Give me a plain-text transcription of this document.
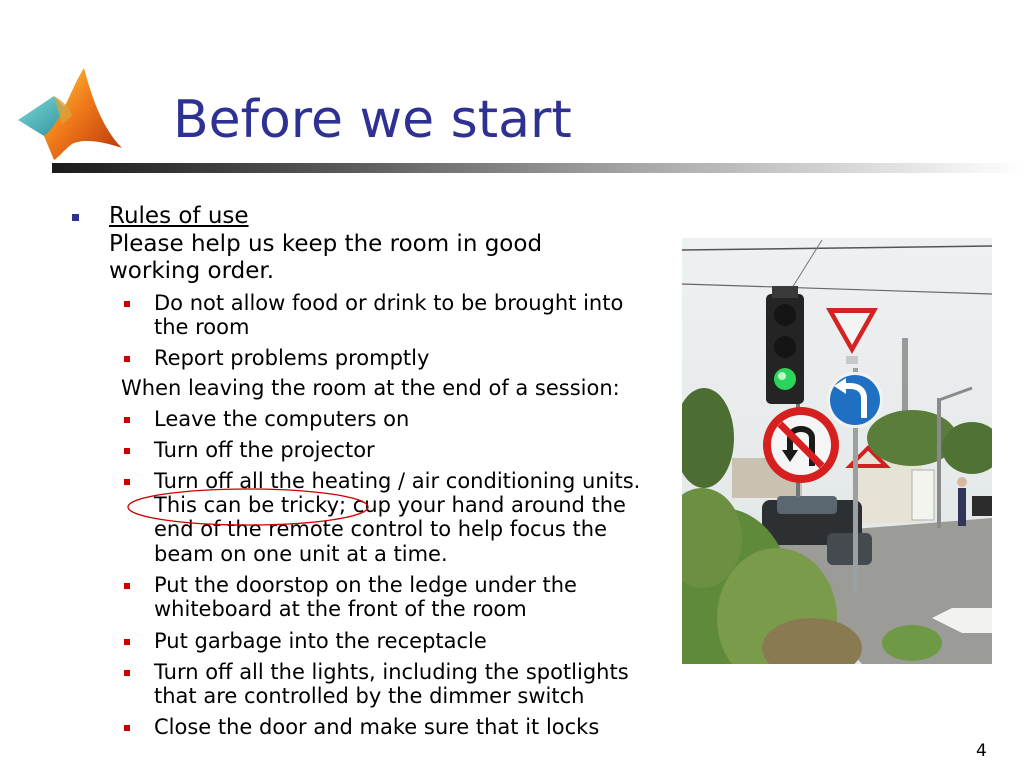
Before we start
Rules of use
Please help us keep the room in good
working order.
Do not allow food or drink to be brought into
the room
Report problems promptly
When leaving the room at the end of a session:
Leave the computers on
Turn off the projector
Turn off all the heating / air conditioning units.
This can be tricky; cup your hand around the
end of the remote control to help focus the
beam on one unit at a time.
Put the doorstop on the ledge under the
whiteboard at the front of the room
Put garbage into the receptacle
Turn off all the lights, including the spotlights
that are controlled by the dimmer switch
Close the door and make sure that it locks
4
